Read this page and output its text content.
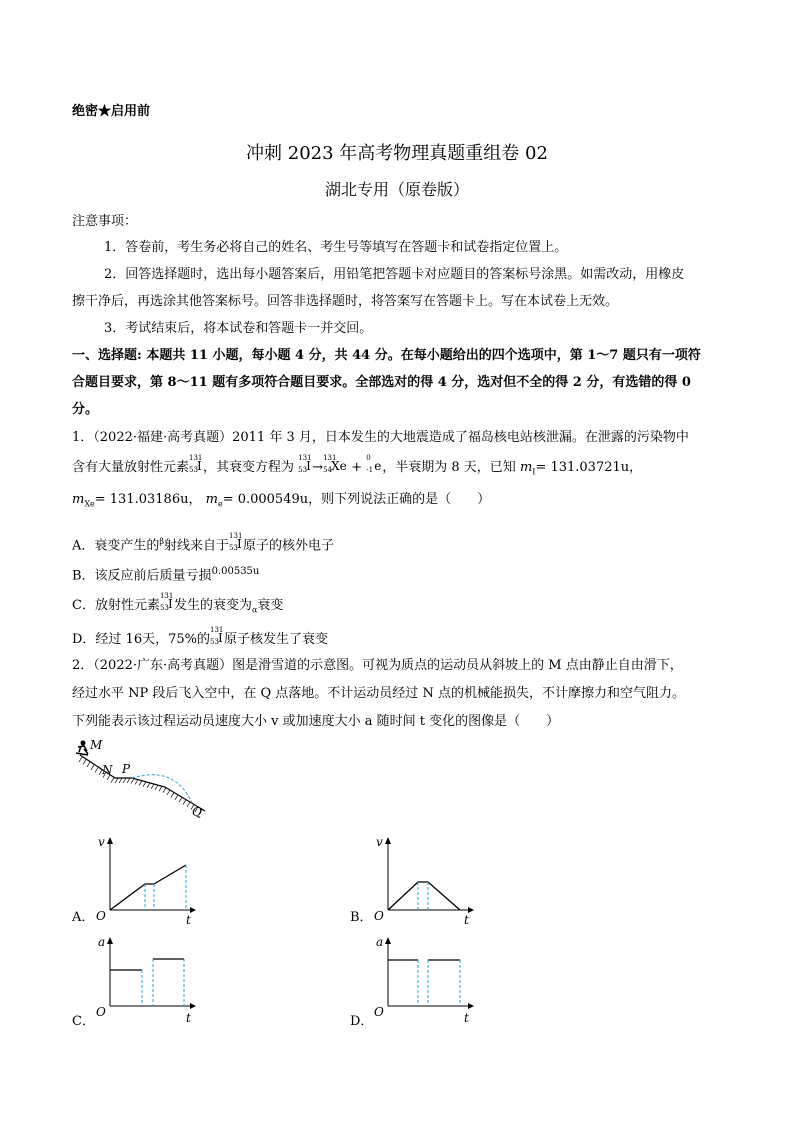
绝密★启用前
冲刺 2023 年高考物理真题重组卷 02
湖北专用（原卷版）
注意事项：
1．答卷前，考生务必将自己的姓名、考生号等填写在答题卡和试卷指定位置上。
2．回答选择题时，选出每小题答案后，用铅笔把答题卡对应题目的答案标号涂黑。如需改动，用橡皮
擦干净后，再选涂其他答案标号。回答非选择题时，将答案写在答题卡上。写在本试卷上无效。
3．考试结束后，将本试卷和答题卡一并交回。
一、选择题: 本题共 11 小题，每小题 4 分，共 44 分。在每小题给出的四个选项中，第 1～7 题只有一项符
合题目要求，第 8～11 题有多项符合题目要求。全部选对的得 4 分，选对但不全的得 2 分，有选错的得 0
分。
1．（2022·福建·高考真题）2011 年 3 月，日本发生的大地震造成了福岛核电站核泄漏。在泄露的污染物中
含有大量放射性元素
131
53 I ，其衰变方程为
131
53 I →
131
54 Xe +
0
-1 e ，半衰期为 8 天，已知 $m_I= 131.03721u$，
$m_{Xe}= 131.03186u$， $m_e= 0.000549u$，则下列说法正确的是（　　）
A．衰变产生的$^\beta$射线来自于
131
53 I 原子的核外电子
B．该反应前后质量亏损$^{0.00535u}$
C．放射性元素
131
53 I 发生的衰变为$_\alpha$衰变
D．经过 16天，75%的
131
53 I 原子核发生了衰变
2．（2022·广东·高考真题）图是滑雪道的示意图。可视为质点的运动员从斜坡上的 M 点由静止自由滑下，
经过水平 NP 段后飞入空中，在 Q 点落地。不计运动员经过 N 点的机械能损失，不计摩擦力和空气阻力。
下列能表示该过程运动员速度大小 v 或加速度大小 a 随时间 t 变化的图像是（　　）
M
N P
Q
A．
v
O	t	B．
v
O	t
C．
a
O	t	D．
a
O	t
